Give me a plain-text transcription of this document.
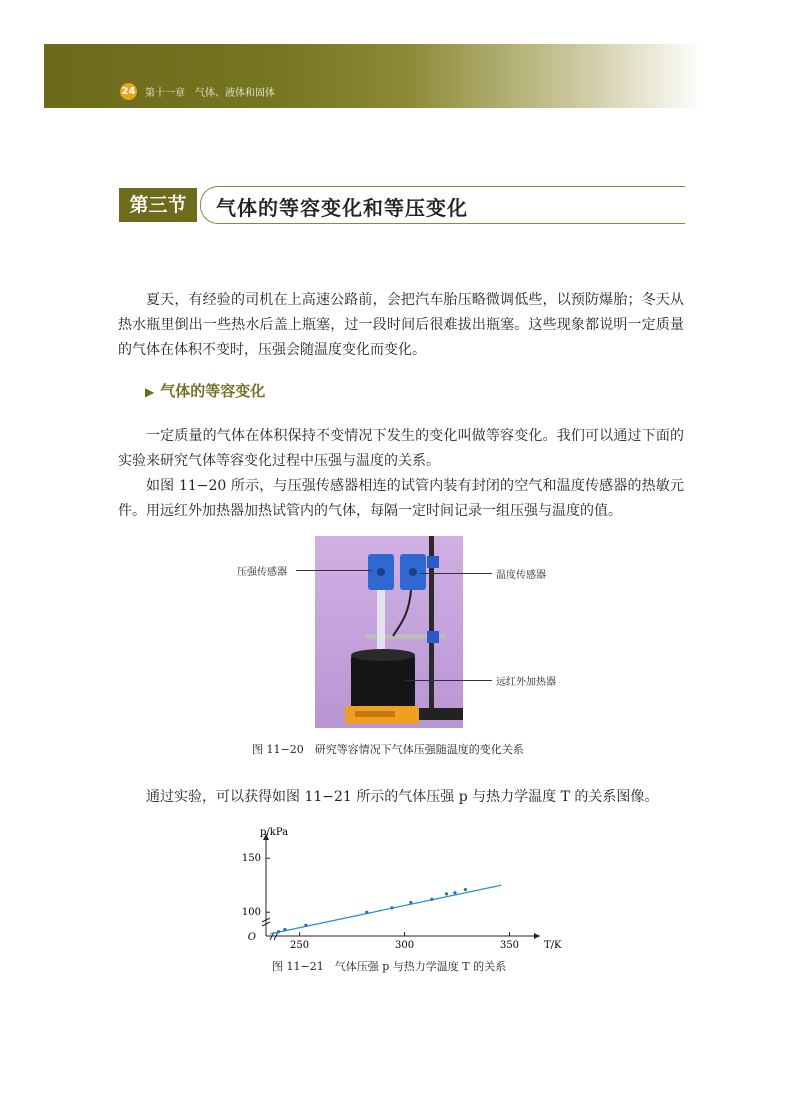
24 第十一章　气体、液体和固体
第三节	气体的等容变化和等压变化

夏天，有经验的司机在上高速公路前，会把汽车胎压略微调低些，以预防爆胎；冬天从热水瓶里倒出一些热水后盖上瓶塞，过一段时间后很难拔出瓶塞。这些现象都说明一定质量的气体在体积不变时，压强会随温度变化而变化。

▶ 气体的等容变化

一定质量的气体在体积保持不变情况下发生的变化叫做等容变化。我们可以通过下面的实验来研究气体等容变化过程中压强与温度的关系。

如图 11−20 所示，与压强传感器相连的试管内装有封闭的空气和温度传感器的热敏元件。用远红外加热器加热试管内的气体，每隔一定时间记录一组压强与温度的值。

压强传感器	温度传感器
远红外加热器
图 11−20　研究等容情况下气体压强随温度的变化关系

通过实验，可以获得如图 11−21 所示的气体压强 p 与热力学温度 T 的关系图像。

250	300	350
100
150
O
T/K
p/kPa
图 11−21　气体压强 p 与热力学温度 T 的关系
